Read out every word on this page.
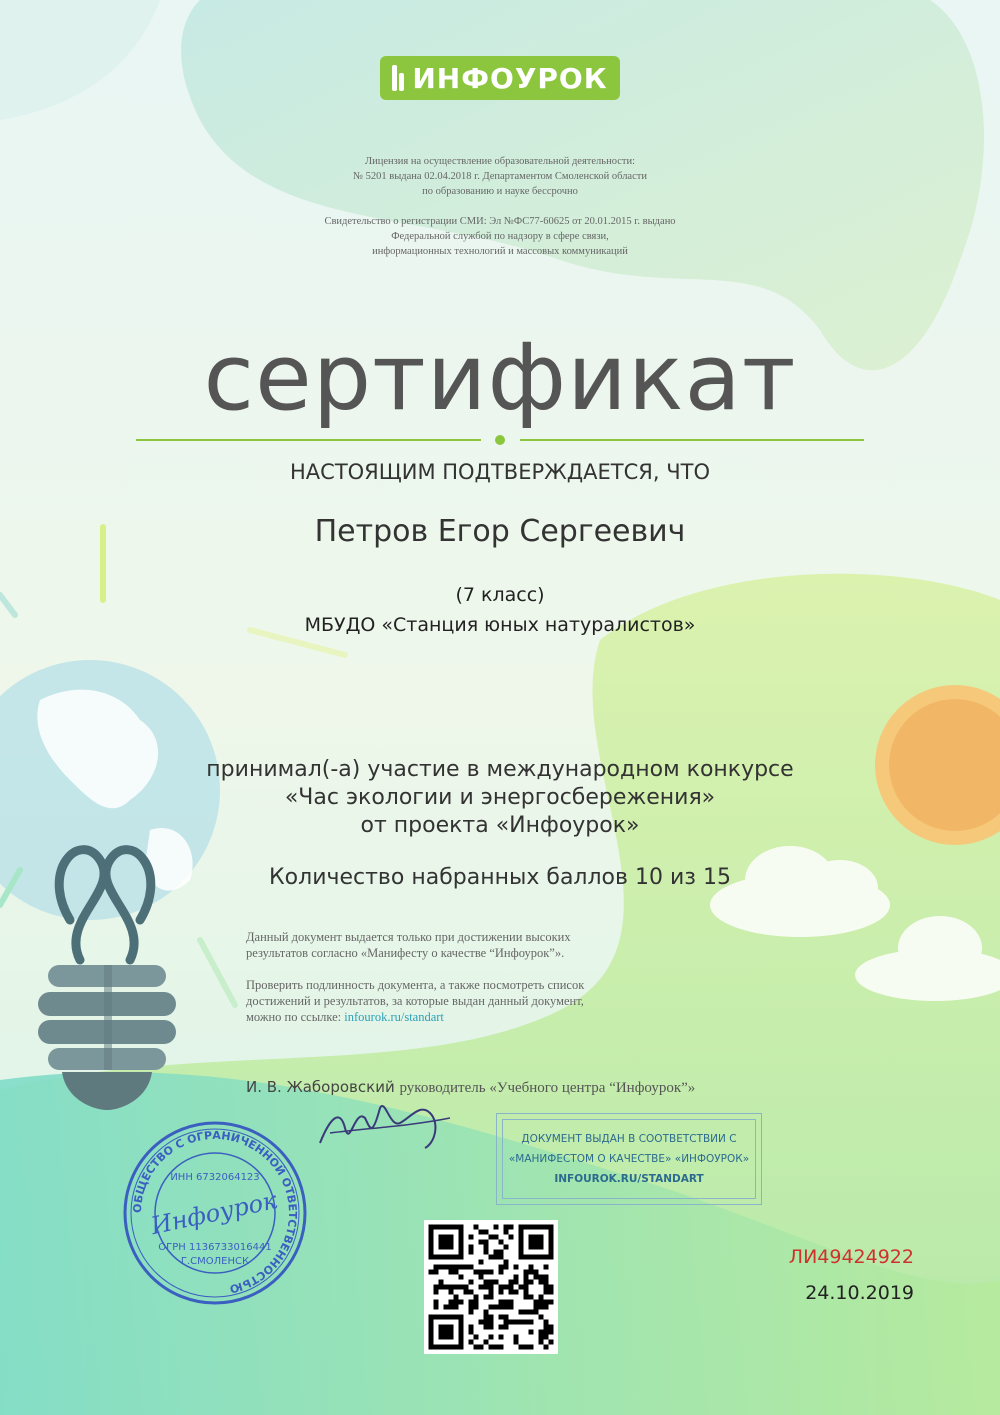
ИНФОУРОК
Лицензия на осуществление образовательной деятельности:
№ 5201 выдана 02.04.2018 г. Департаментом Смоленской области
по образованию и науке бессрочно
Свидетельство о регистрации СМИ: Эл №ФС77-60625 от 20.01.2015 г. выдано
Федеральной службой по надзору в сфере связи,
информационных технологий и массовых коммуникаций
сертификат
НАСТОЯЩИМ ПОДТВЕРЖДАЕТСЯ, ЧТО
Петров Егор Сергеевич
(7 класс)
МБУДО «Станция юных натуралистов»
принимал(-а) участие в международном конкурсе
«Час экологии и энергосбережения»
от проекта «Инфоурок»
Количество набранных баллов 10 из 15
Данный документ выдается только при достижении высоких
результатов согласно «Манифесту о качестве “Инфоурок”».
Проверить подлинность документа, а также посмотреть список
достижений и результатов, за которые выдан данный документ,
можно по ссылке: infourok.ru/standart
И. В. Жаборовский руководитель «Учебного центра “Инфоурок”»
ДОКУМЕНТ ВЫДАН В СООТВЕТСТВИИ С
«МАНИФЕСТОМ О КАЧЕСТВЕ» «ИНФОУРОК»
INFOUROK.RU/STANDART
ОБЩЕСТВО С ОГРАНИЧЕННОЙ ОТВЕТСТВЕННОСТЬЮ
ИНН 6732064123
Инфоурок
ОГРН 1136733016441
Г.СМОЛЕНСК	ЛИ49424922
24.10.2019
